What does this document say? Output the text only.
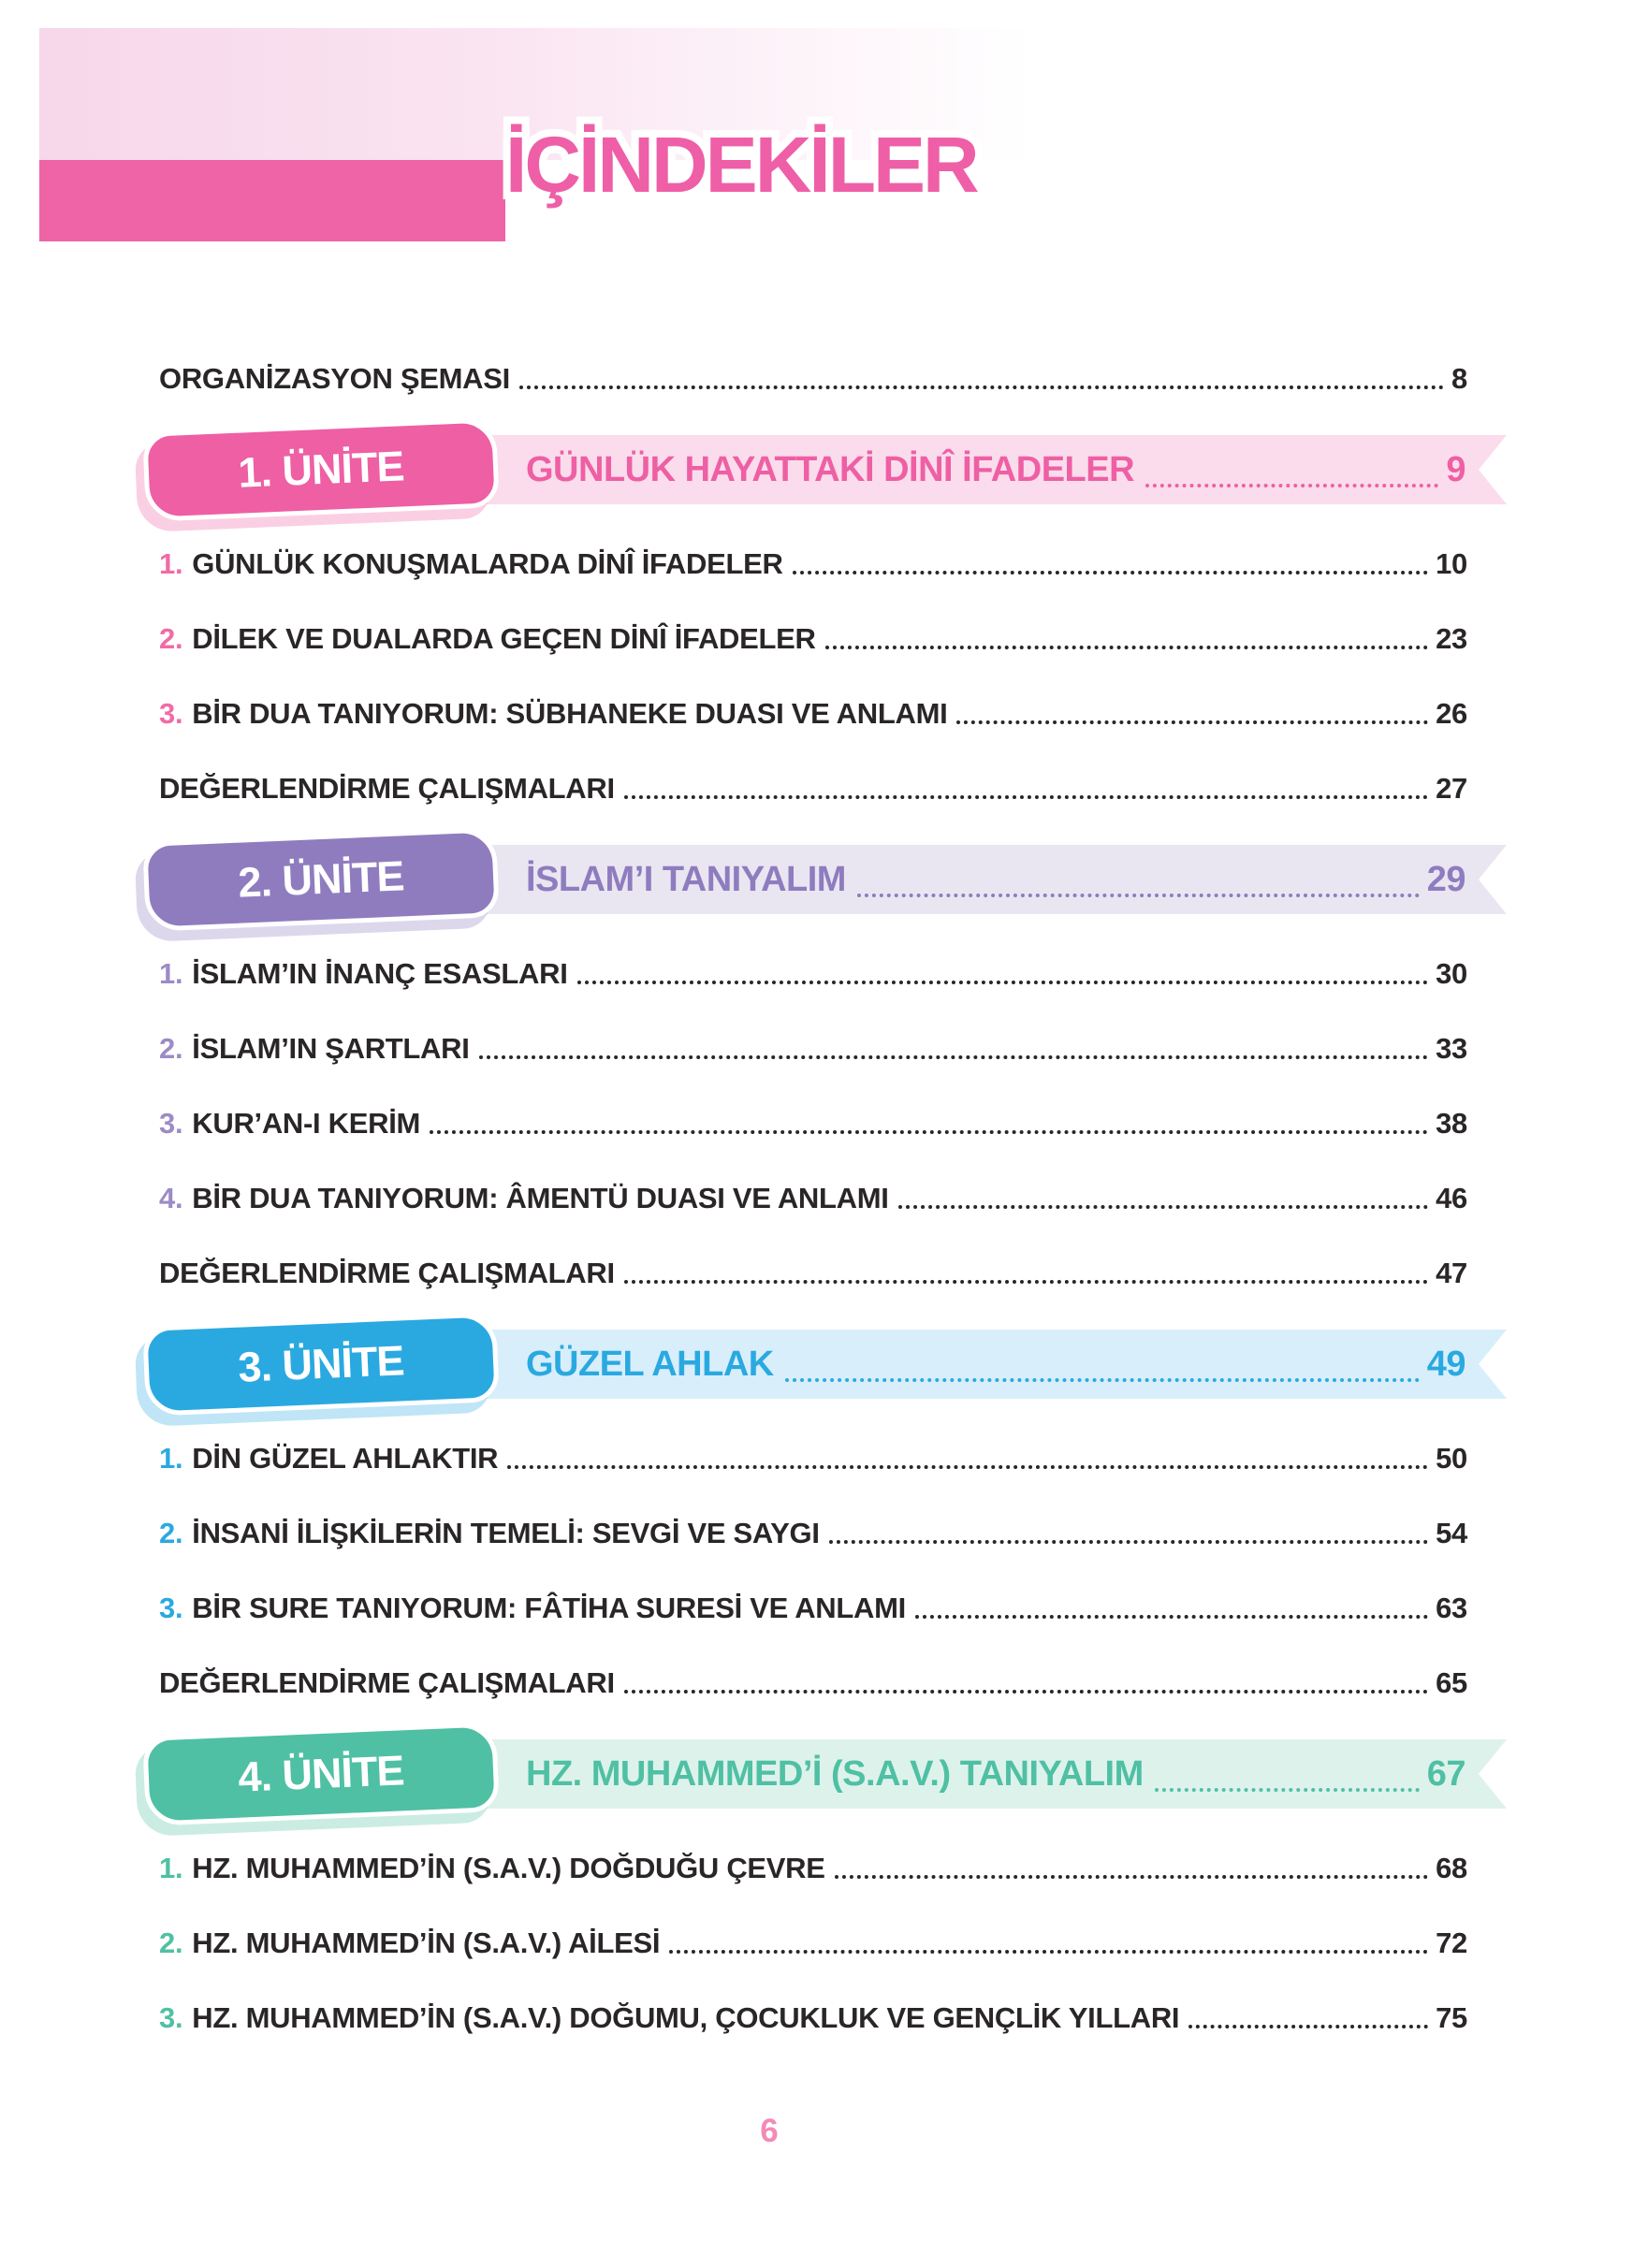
İÇİNDEKİLER İÇİNDEKİLER
ORGANİZASYON ŞEMASI	8
1. ÜNİTE	GÜNLÜK HAYATTAKİ DİNÎ İFADELER	9
1. GÜNLÜK KONUŞMALARDA DİNÎ İFADELER	10
2. DİLEK VE DUALARDA GEÇEN DİNÎ İFADELER	23
3. BİR DUA TANIYORUM: SÜBHANEKE DUASI VE ANLAMI	26
DEĞERLENDİRME ÇALIŞMALARI	27
2. ÜNİTE	İSLAM’I TANIYALIM	29
1. İSLAM’IN İNANÇ ESASLARI	30
2. İSLAM’IN ŞARTLARI	33
3. KUR’AN-I KERİM	38
4. BİR DUA TANIYORUM: ÂMENTÜ DUASI VE ANLAMI	46
DEĞERLENDİRME ÇALIŞMALARI	47
3. ÜNİTE	GÜZEL AHLAK	49
1. DİN GÜZEL AHLAKTIR	50
2. İNSANİ İLİŞKİLERİN TEMELİ: SEVGİ VE SAYGI	54
3. BİR SURE TANIYORUM: FÂTİHA SURESİ VE ANLAMI	63
DEĞERLENDİRME ÇALIŞMALARI	65
4. ÜNİTE	HZ. MUHAMMED’İ (S.A.V.) TANIYALIM	67
1. HZ. MUHAMMED’İN (S.A.V.) DOĞDUĞU ÇEVRE	68
2. HZ. MUHAMMED’İN (S.A.V.) AİLESİ	72
3. HZ. MUHAMMED’İN (S.A.V.) DOĞUMU, ÇOCUKLUK VE GENÇLİK YILLARI	75
6
